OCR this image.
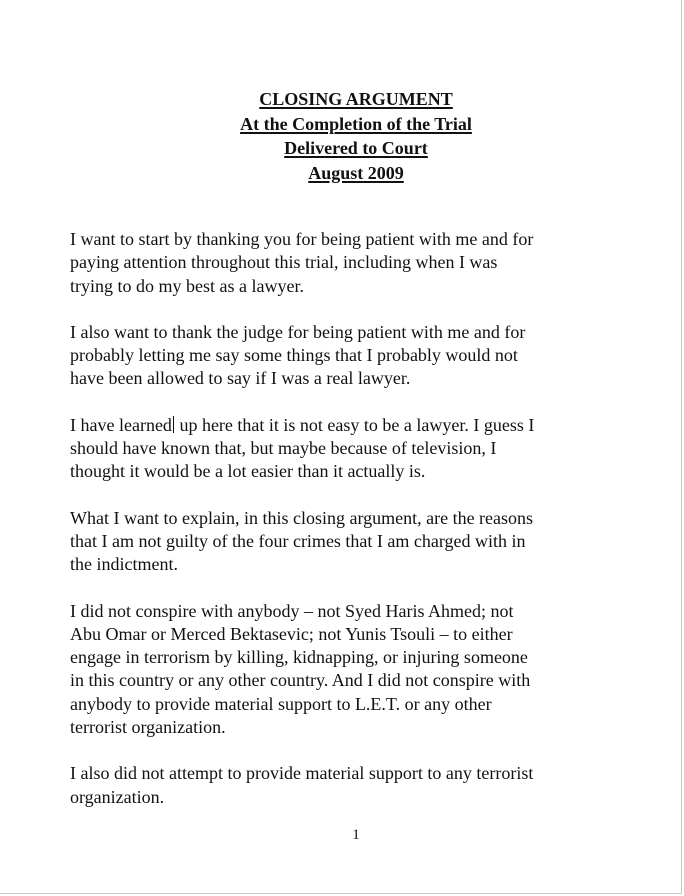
CLOSING ARGUMENT
At the Completion of the Trial
Delivered to Court
August 2009

I want to start by thanking you for being patient with me and for
paying attention throughout this trial, including when I was
trying to do my best as a lawyer.

I also want to thank the judge for being patient with me and for
probably letting me say some things that I probably would not
have been allowed to say if I was a real lawyer.

I have learned up here that it is not easy to be a lawyer. I guess I
should have known that, but maybe because of television, I
thought it would be a lot easier than it actually is.

What I want to explain, in this closing argument, are the reasons
that I am not guilty of the four crimes that I am charged with in
the indictment.

I did not conspire with anybody – not Syed Haris Ahmed; not
Abu Omar or Merced Bektasevic; not Yunis Tsouli – to either
engage in terrorism by killing, kidnapping, or injuring someone
in this country or any other country. And I did not conspire with
anybody to provide material support to L.E.T. or any other
terrorist organization.

I also did not attempt to provide material support to any terrorist
organization.

1
